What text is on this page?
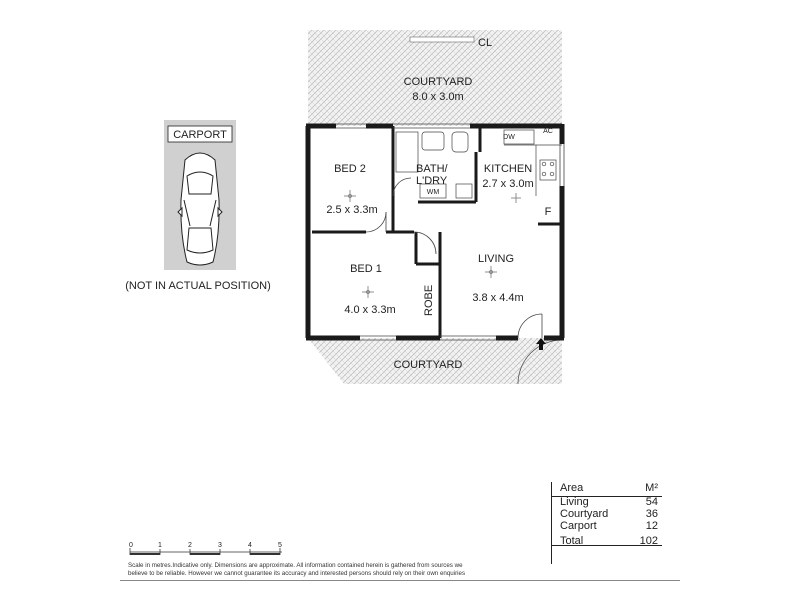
CL
COURTYARD
8.0 x 3.0m
BED 2
2.5 x 3.3m
BATH/
L'DRY
WM
KITCHEN
2.7 x 3.0m
DW
AC
F
BED 1
4.0 x 3.3m ROBE
LIVING
3.8 x 4.4m
COURTYARD
CARPORT
(NOT IN ACTUAL POSITION)
0	1	2	3	4	5
Area	M²
Living	54
Courtyard	36
Carport	12
Total	102
Scale in metres.Indicative only. Dimensions are approximate. All information contained herein is gathered from sources we
believe to be reliable. However we cannot guarantee its accuracy and interested persons should rely on their own enquiries
